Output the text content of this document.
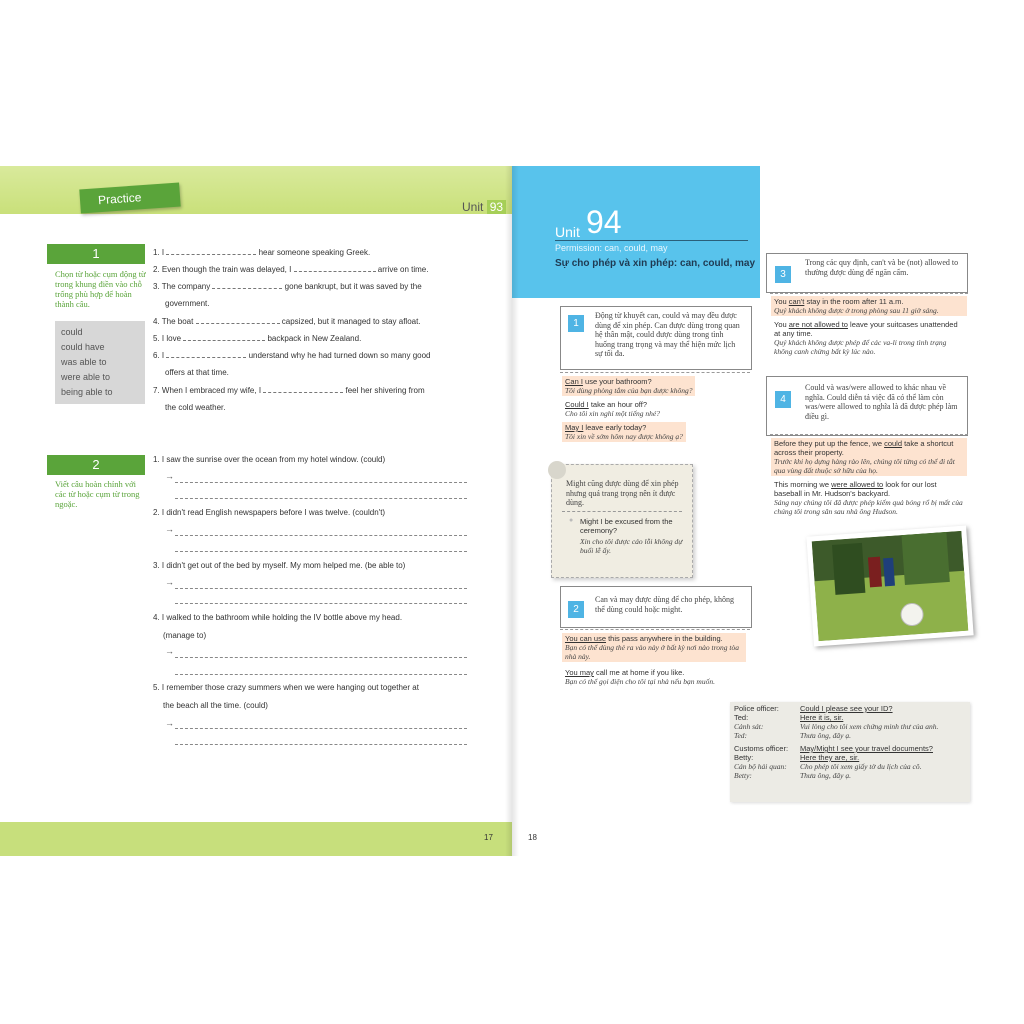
Practice	Unit 93
1
Chọn từ hoặc cụm động từ trong khung điền vào chỗ trống phù hợp để hoàn thành câu.
could
could have
was able to
were able to
being able to
1. I	hear someone speaking Greek.
2. Even though the train was delayed, I	arrive on time.
3. The company	gone bankrupt, but it was saved by the
government.
4. The boat	capsized, but it managed to stay afloat.
5. I love	backpack in New Zealand.
6. I	understand why he had turned down so many good
offers at that time.
7. When I embraced my wife, I	feel her shivering from
the cold weather.
2
Viết câu hoàn chỉnh với các từ hoặc cụm từ trong ngoặc.
1. I saw the sunrise over the ocean from my hotel window. (could)
→
2. I didn't read English newspapers before I was twelve. (couldn't)
→
3. I didn't get out of the bed by myself. My mom helped me. (be able to)
→
4. I walked to the bathroom while holding the IV bottle above my head.
(manage to)
→
5. I remember those crazy summers when we were hanging out together at
the beach all the time. (could)
→
17
Unit 94
Permission: can, could, may
Sự cho phép và xin phép: can, could, may
1
Động từ khuyết can, could và may đều được dùng để xin phép. Can được dùng trong quan hệ thân mật, could được dùng trong tình huống trang trọng và may thể hiện mức lịch sự tối đa.
Can I use your bathroom?
Tôi dùng phòng tắm của bạn được không?
Could I take an hour off?
Cho tôi xin nghỉ một tiếng nhé?
May I leave early today?
Tôi xin về sớm hôm nay được không ạ?
Might cũng được dùng để xin phép nhưng quá trang trọng nên ít được dùng.
● Might I be excused from the ceremony?
Xin cho tôi được cáo lỗi không dự buổi lễ ấy.
2
Can và may được dùng để cho phép, không thể dùng could hoặc might.
You can use this pass anywhere in the building.
Bạn có thể dùng thẻ ra vào này ở bất kỳ nơi nào trong tòa nhà này.
You may call me at home if you like.
Bạn có thể gọi điện cho tôi tại nhà nếu bạn muốn.
3
Trong các quy định, can't và be (not) allowed to thường được dùng để ngăn cấm.
You can't stay in the room after 11 a.m.
Quý khách không được ở trong phòng sau 11 giờ sáng.
You are not allowed to leave your suitcases unattended at any time.
Quý khách không được phép để các va-li trong tình trạng không canh chừng bất kỳ lúc nào.
4
Could và was/were allowed to khác nhau về nghĩa. Could diễn tả việc đã có thể làm còn was/were allowed to nghĩa là đã được phép làm điều gì.
Before they put up the fence, we could take a shortcut across their property.
Trước khi họ dựng hàng rào lên, chúng tôi từng có thể đi tắt qua vùng đất thuộc sở hữu của họ.
This morning we were allowed to look for our lost baseball in Mr. Hudson's backyard.
Sáng nay chúng tôi đã được phép kiếm quả bóng rổ bị mất của chúng tôi trong sân sau nhà ông Hudson.
Police officer:	Could I please see your ID?
Ted:	Here it is, sir.
Cảnh sát:	Vui lòng cho tôi xem chứng minh thư của anh.
Ted:	Thưa ông, đây ạ.
Customs officer:	May/Might I see your travel documents?
Betty:	Here they are, sir.
Cán bộ hải quan:	Cho phép tôi xem giấy tờ du lịch của cô.
Betty:	Thưa ông, đây ạ.
18
